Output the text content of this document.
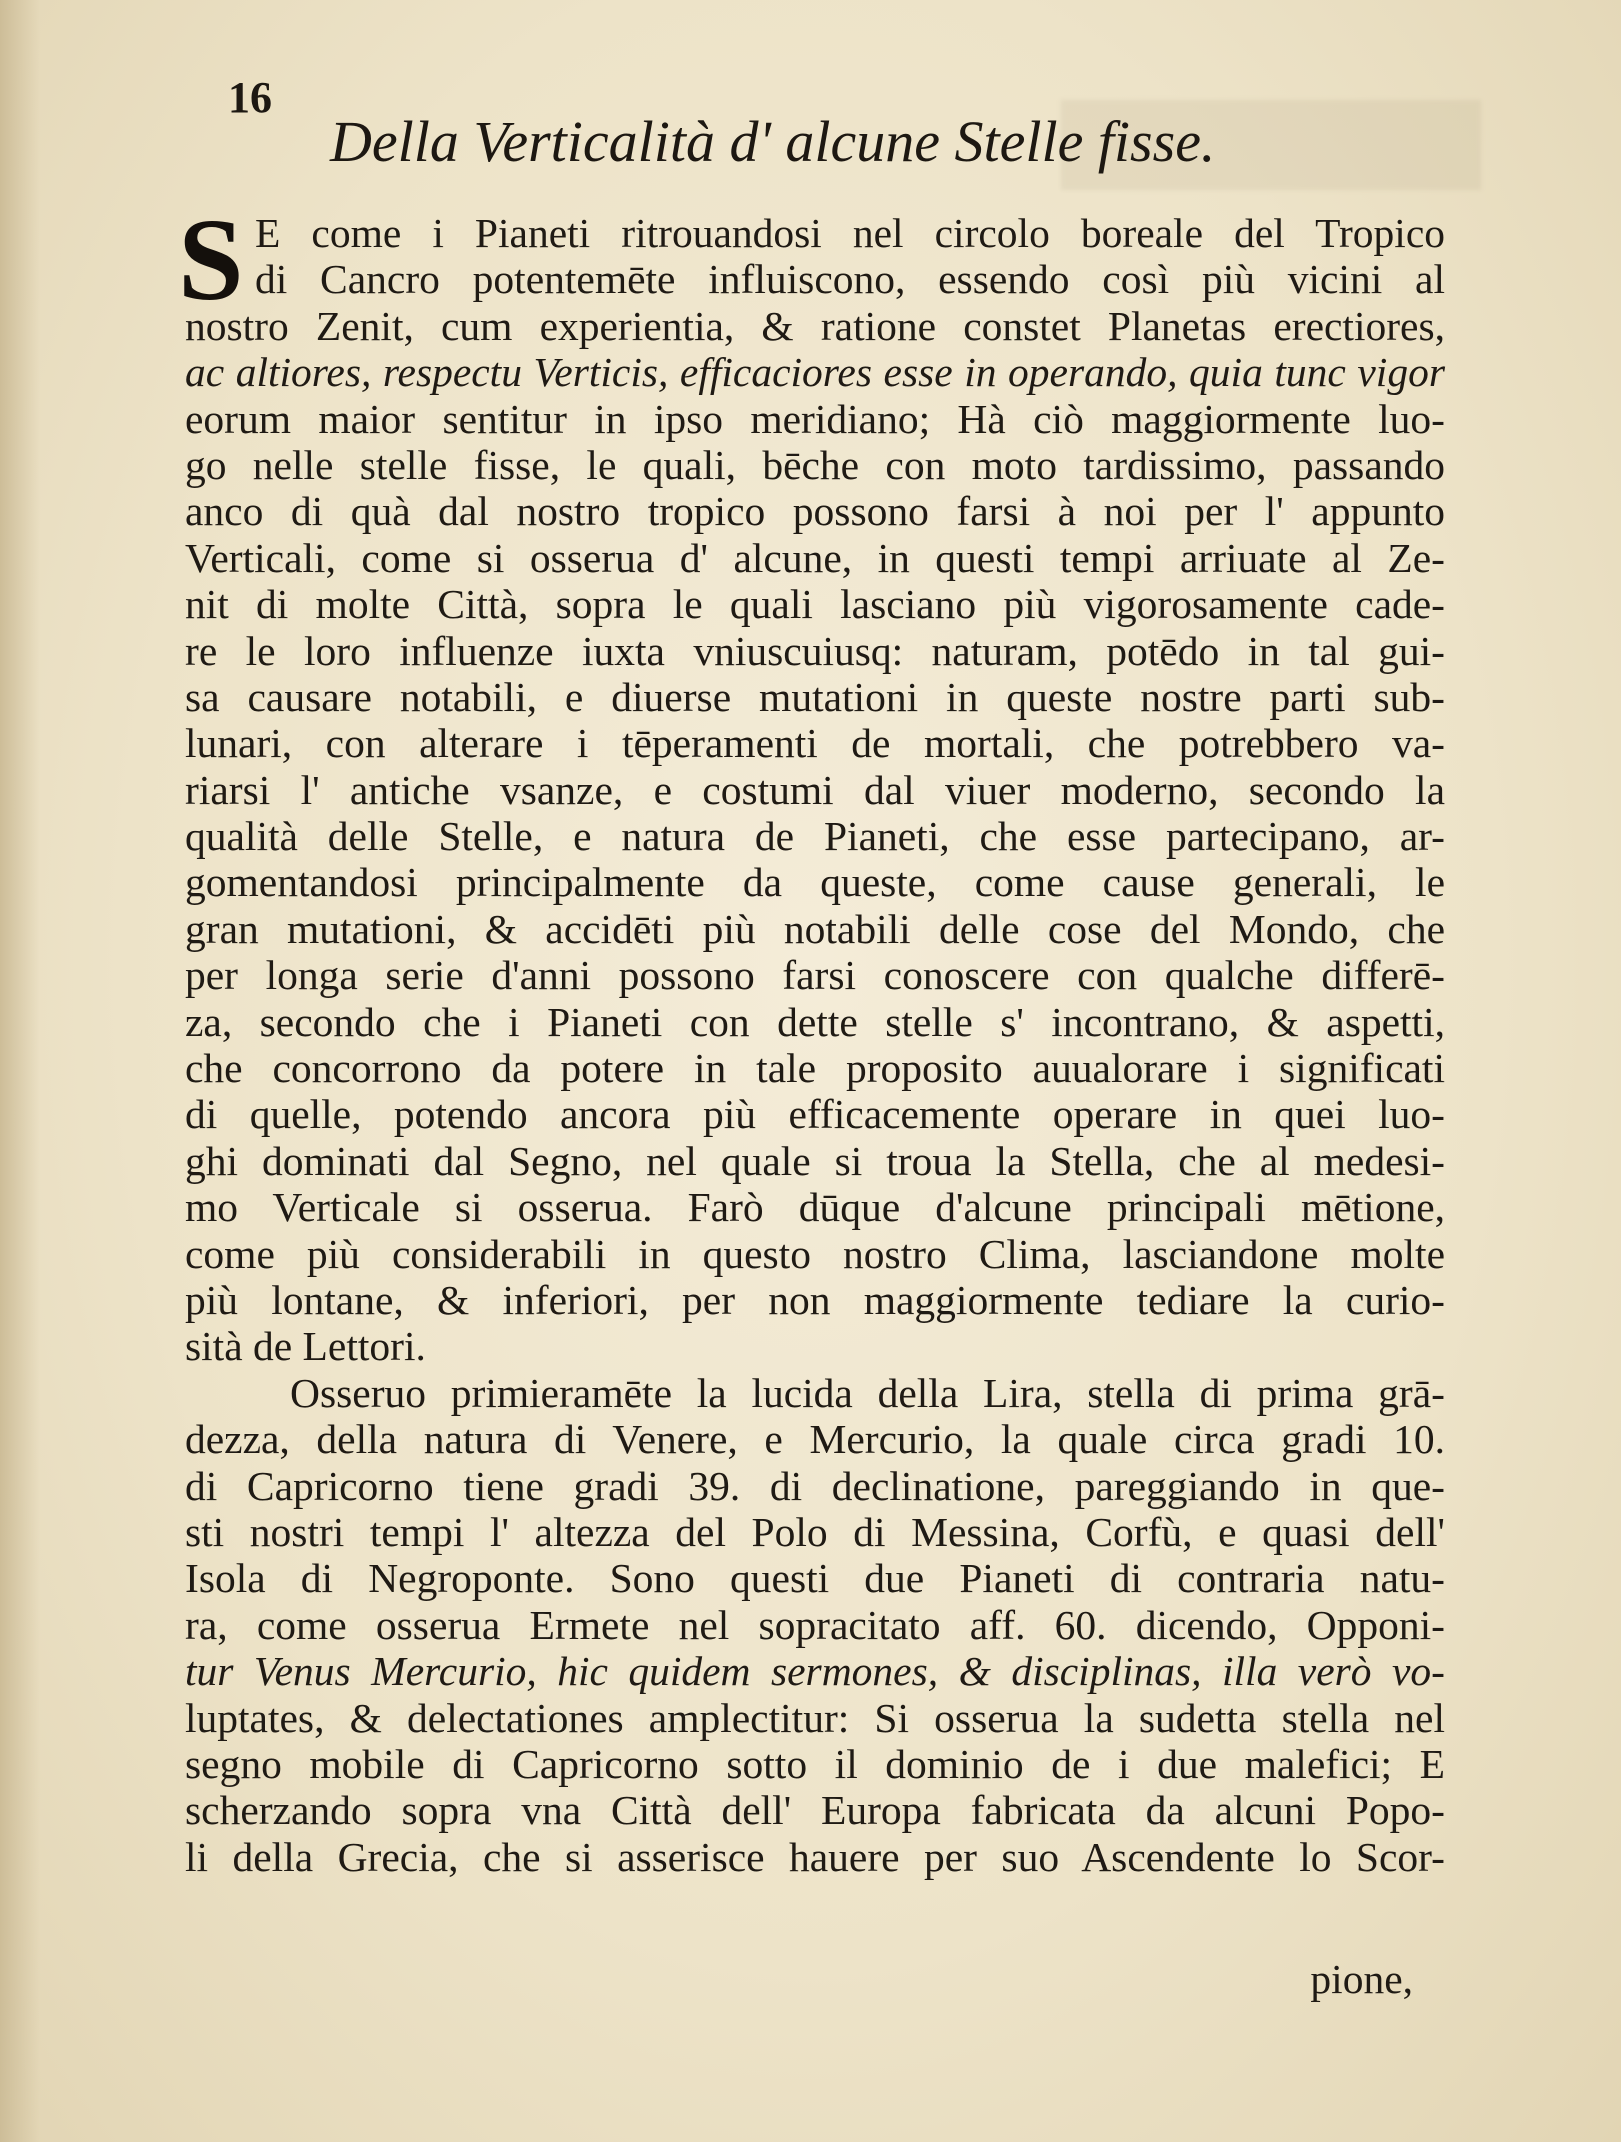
16
Della Verticalità d' alcune Stelle fisse.
S E come i Pianeti ritrouandosi nel circolo boreale del Tropico
di Cancro potentemēte influiscono, essendo così più vicini al
nostro Zenit, cum experientia, & ratione constet Planetas erectiores,
ac altiores, respectu Verticis, efficaciores esse in operando, quia tunc vigor
eorum maior sentitur in ipso meridiano; Hà ciò maggiormente luo-
go nelle stelle fisse, le quali, bēche con moto tardissimo, passando
anco di quà dal nostro tropico possono farsi à noi per l' appunto
Verticali, come si osserua d' alcune, in questi tempi arriuate al Ze-
nit di molte Città, sopra le quali lasciano più vigorosamente cade-
re le loro influenze iuxta vniuscuiusq: naturam, potēdo in tal gui-
sa causare notabili, e diuerse mutationi in queste nostre parti sub-
lunari, con alterare i tēperamenti de mortali, che potrebbero va-
riarsi l' antiche vsanze, e costumi dal viuer moderno, secondo la
qualità delle Stelle, e natura de Pianeti, che esse partecipano, ar-
gomentandosi principalmente da queste, come cause generali, le
gran mutationi, & accidēti più notabili delle cose del Mondo, che
per longa serie d'anni possono farsi conoscere con qualche differē-
za, secondo che i Pianeti con dette stelle s' incontrano, & aspetti,
che concorrono da potere in tale proposito auualorare i significati
di quelle, potendo ancora più efficacemente operare in quei luo-
ghi dominati dal Segno, nel quale si troua la Stella, che al medesi-
mo Verticale si osserua. Farò dūque d'alcune principali mētione,
come più considerabili in questo nostro Clima, lasciandone molte
più lontane, & inferiori, per non maggiormente tediare la curio-
sità de Lettori.
Osseruo primieramēte la lucida della Lira, stella di prima grā-
dezza, della natura di Venere, e Mercurio, la quale circa gradi 10.
di Capricorno tiene gradi 39. di declinatione, pareggiando in que-
sti nostri tempi l' altezza del Polo di Messina, Corfù, e quasi dell'
Isola di Negroponte. Sono questi due Pianeti di contraria natu-
ra, come osserua Ermete nel sopracitato aff. 60. dicendo, Opponi-
tur Venus Mercurio, hic quidem sermones, & disciplinas, illa verò vo-
luptates, & delectationes amplectitur: Si osserua la sudetta stella nel
segno mobile di Capricorno sotto il dominio de i due malefici; E
scherzando sopra vna Città dell' Europa fabricata da alcuni Popo-
li della Grecia, che si asserisce hauere per suo Ascendente lo Scor-
pione,
